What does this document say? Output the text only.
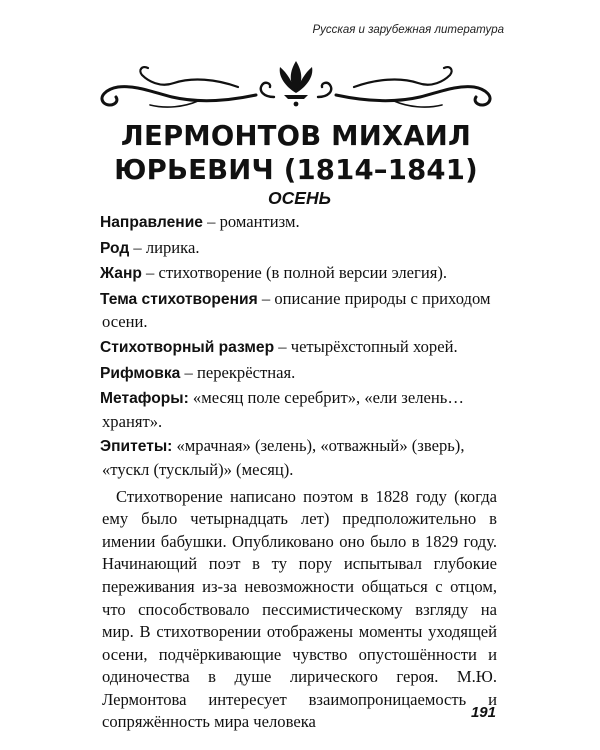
Русская и зарубежная литература
ЛЕРМОНТОВ МИХАИЛ
ЮРЬЕВИЧ (1814–1841)
ОСЕНЬ
Направление – романтизм.
Род – лирика.
Жанр – стихотворение (в полной версии элегия).
Тема стихотворения – описание природы с приходом осени.
Стихотворный размер – четырёхстопный хорей.
Рифмовка – перекрёстная.
Метафоры: «месяц поле серебрит», «ели зелень…хранят».
Эпитеты: «мрачная» (зелень), «отважный» (зверь), «тускл (тусклый)» (месяц).

Стихотворение написано поэтом в 1828 году (когда ему было четырнадцать лет) предположительно в имении бабушки. Опубликовано оно было в 1829 году. Начинающий поэт в ту пору испытывал глубокие переживания из-за невозможности общаться с отцом, что способствовало пессимистическому взгляду на мир. В стихотворении отображены моменты уходящей осени, подчёркивающие чувство опустошённости и одиночества в душе лирического героя. М.Ю. Лермонтова интересует взаимопроницаемость и сопряжённость мира человека	191
